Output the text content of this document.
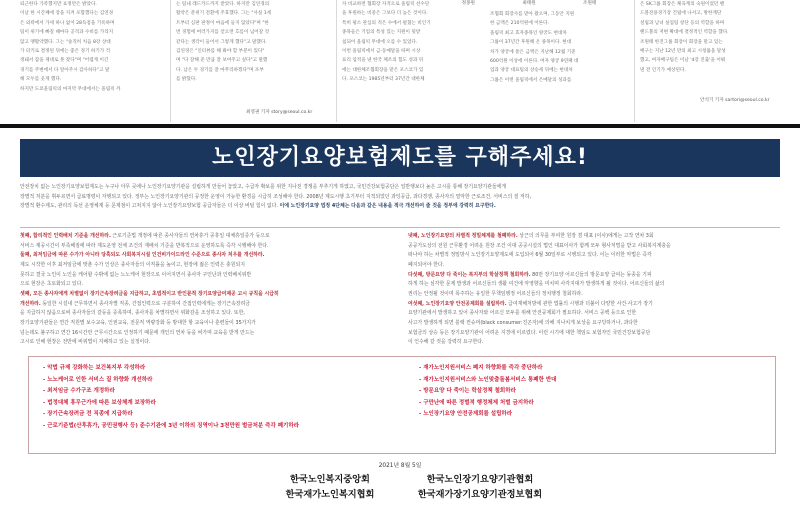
퇴근한다 가족했지만 표정만은 밝았다.

이날 한 시간째에 장을 지켜 포함했다는 김연경

은 외곽에서 가세 하나 없이 28득점을 기록하며

팀이 위기에 빠질 때마다 공격과 수비를 가리지

않고 맹활약했다. 그는 "솔직히 처음 8강 상대

가 터키로 결정된 뒤에는 좋은 경기 하기가 걱

정돼서 잠을 제대로 못 잤다"며 "어렵게 이긴

경기를 주변에서 다 알아주시 감사하다"고 말

해 모두를 웃게 했다.

하지만 도쿄올림픽의 마지막 무대에서는 올림픽 까

는 팀내 레드카드까지 받았다. 하지만 김연경의

활약은 분위기 전환에 주효했다. 그는 "사실 1세

트부터 심판 판정이 마음에 들지 않았다"며 "한

번 경험에 여러가지를 얻으면 흐름이 넘어갈 것

같다는 생각이 들어서 그렇게 했다"고 말했다.

김연경은 "인터뷰를 해 봐야 할 부분이 있다"

며 "다 잘해 준 만큼 잘 보여주고 싶다"고 말했

다. 남은 두 경기를 잘 마무리하겠다"며 포부

를 밝혔다.

최영권 기자 story@seoul.co.kr

자 비교하면 협회장 자격으로 올림픽 선수단

을 후원하는 비중은 그보다 더 높은 것이다.

특히 평소 관심의 적은 수에서 펼쳤는 비인기

종목들은 기업의 특성 있는 지원이 뒷받

침되어 올림픽 무대에 오를 수 있었다.

이번 올림픽에서 금·동메달을 따며 시상

표리 업적을 낸 한국 체조의 힘도 성과 뒤

에는 대한체조협회장을 맡은 포스코가 있

다. 포스코는 1985년부터 37년간 대한체

정몽원	최태원	조원태

조협회 회장사를 맡아 왔으며, 그동안 지원

한 금액은 210억원에 이른다.

올림픽 최고 효자종목인 양궁도 현대차

그룹이 37년간 후원해 온 종목이다. 현대

차가 양궁에 쏟은 금액은 지난해 12월 기준

600억원 이상에 이른다. 여자 양궁 9연패 대

업과 양궁 대표팀의 상승세 뒤에는 현대차

그룹은 이번 올림픽에서 은메달의 성과를

은 SK그룹 회장은 체육계의 숙원이었던 핸

드볼전용경기장 건립에 나서고, 방한재단

설립과 남녀 실업팀 창단 등의 역할을 하며

핸드볼의 저변 확대에 결정적인 역할을 했다.

조원태 한진그룹 회장이 회장을 맡고 있는

배구는 지난 12년 만의 최고 시청률을 달성

했고, 여자배구팀은 이날 '4강 진출'을 이뤄

낸 전 인기가 예상된다.

안석기 기자 sartori@seoul.co.kr
노인장기요양보험제도를 구해주세요!

안전장치 없는 노인장기요양보험제도는 누구나 아무 곳에나 노인장기요양기관을 설립하게 만들어 놓았고, 수급자 확보를 위한 지나친 경쟁을 부추기게 하였고, 국민건강보험공단은 일반행보다 높은 고시를 통해 장기요양기관들에게

장별적 처분을 휘두르면서 급료명령이 자행되고 있다. 정부는 노인장기요양기관의 공정한 운영이 가능한 환경을 시급히 조성해야 한다. 2008년 제도시행 초기부터 지적되었던 과잉공급, 과다경쟁, 종사자의 열악한 근로조건, 서비스의 질 저하,

장별적 환수제도, 관리의 독선 운영체계 등 문제점이 고쳐지지 않아 노인장기요양보험 공급자들은 더 이상 버틸 힘이 없다. 이에 노인장기요양 법정 4단체는 다음과 같은 내용을 적극 개선하여 줄 것을 정부에 강력히 요구한다.

첫째, 합리적인 인력배치 기준을 개선하라. 근로기준법 개정에 따른 종사자들의 연차휴가 공휴일 대체휴일증가 등으로

서비스 제공시간이 부족해짐에 따라 제도운영 전체 조건의 재배치 기준을 반복적으로 운영하도록 즉각 시행해야 한다.

둘째, 최저임금에 따른 수가가 아니라 당혹되도 사회복지시설 인건비가이드라인 수준으로 종사자 처우를 개선하라.

제도 시작한 이후 최저임금에 맞춘 수가 인상은 종사자들의 이직률을 높이고, 현장에 젊은 인력은 충원되지

못하고 결국 노인이 노인을 케어할 수밖에 없는 노노케어 현장으로 이어지면서 종사자 구인난과 인력배치위반

으로 현장은 초토화되고 있다.

셋째, 모든 종사자에게 차별없이 장기근속장려금을 지급하고, 초법적이고 반인륜적 장기요양급여제공 고시 규칙을 시급히

개선하라. 동일한 시설내 근무하면서 종사자별 직종, 간접인력으로 구분하여 간접인력에게는 장기근속장려금

을 지급하지 않음으로써 종사자들의 갈등을 증폭하며, 종사자를 차별하면서 위화감을 조성하고 있다. 또한,

장기요양기관들은 연간 직원별 보수교육, 인권교육, 전문직 역량강화 등 방대한 항 교육이나 훈련들이 35가지가

넘는데도 불구하고 연간 16시간만 근무시간으로 인정하기 때문에 개인의 연차 등을 써가며 교육을 받게 만드는

고시로 인해 현장은 전반에 비위법이 지배하고 있는 실정이다.

넷째, 노인장기요양의 차별적 정밀체계를 철폐하라. 상근의 의무를 부여한 원장 겸 대표 (이사)에게는 고작 연차 3회

공공가도상의 전원 근무환경 어려운 원장 조건 이대 공공시설의 법인 대표이사가 함께 모두 형사처벌을 받고 사회복지계층을

떠나야 하는 차별적 정밀방식 노인장기요양제도에 도입되어 6월 30일부로 시행되고 있다. 이는 이러한 악법은 즉각

폐지되어야 한다.

다섯째, 방문요양 다 죽이는 복지부의 학살정책 철회하라. 80만 장기요양 어르신들의 방문요양 급여는 동종을 기피

하게 하는 심각한 문제 발생과 어르신들의 생활 여건에 악영향을 미치며 사각지대가 발생하게 될 것이다. 어르신들의 삶의

권리는 안정될 것이며 폭주하는 유일한 무책임행정 어르신들의 정치행정 철회하라.

여섯째, 노인장기요양 안전공제회를 설립하라. 급여재해처방에 관한 법률의 시행과 더불어 다양한 사건·사고가 장기

요양기관에서 발생하고 있어 종사자와 어르신 모두를 위해 안전공제회가 필요하다. 서비스 공백 등으로 인한

사고가 발생하게 되면 블랙 컨슈머(black consumer:진곤자)에 의해 지나치게 보상을 요구당하거나, 과다한

보험금의 상승 등은 장기요양기관이 어려운 지경에 이르렀다. 이런 시기에 대한 책임도 보험자인 국민건강보험공단

이 인수해 갈 것을 강력히 요구한다.

- 악법 규제 강화하는 보건복지부 각성하라

- 노노케어로 인한 서비스 질 하향화 개선하라

- 최저임금 수가구조 개정하라

- 법정대체 휴무근가에 따른 보상체계 보장하라

- 장기근속장려금 전 직종에 지급하라

- 근로기준법(산후휴가, 공민권행사 등) 준수기관에 3년 이하의 징역이나 3천만원 벌금처분 즉각 폐기하라

- 재가노인지원서비스 폐지 하향화를 즉각 중단하라

- 재가노인지원서비스와 노인맞춤돌봄서비스 통폐한 반대

- 방문요양 다 죽이는 학살정책 철회하라

- 구만난에 따른 정벌적 행정체제 처벌 금지하라

- 노인장기요양 안전공제회를 설립하라

2021년 8월 5일
한국노인복지중앙회	한국노인장기요양기관협회
한국재가노인복지협회	한국재가장기요양기관정보협회
